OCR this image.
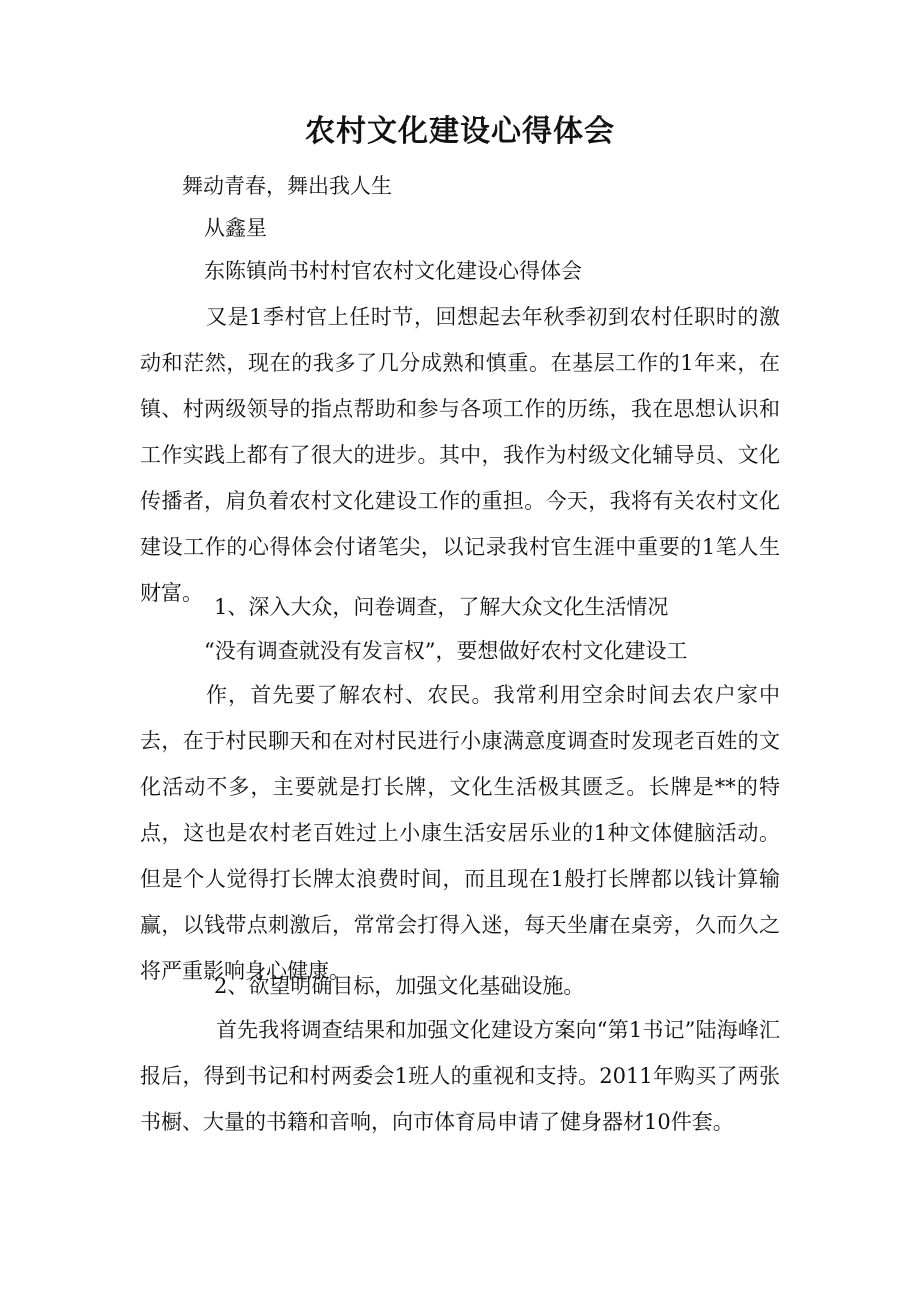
农村文化建设心得体会
舞动青春，舞出我人生
从鑫星
东陈镇尚书村村官农村文化建设心得体会
又是1季村官上任时节，回想起去年秋季初到农村任职时的激动和茫然，现在的我多了几分成熟和慎重。在基层工作的1年来，在镇、村两级领导的指点帮助和参与各项工作的历练，我在思想认识和工作实践上都有了很大的进步。其中，我作为村级文化辅导员、文化传播者，肩负着农村文化建设工作的重担。今天，我将有关农村文化建设工作的心得体会付诸笔尖，以记录我村官生涯中重要的1笔人生财富。
1、深入大众，问卷调查，了解大众文化生活情况
“没有调查就没有发言权”，要想做好农村文化建设工
作，首先要了解农村、农民。我常利用空余时间去农户家中去，在于村民聊天和在对村民进行小康满意度调查时发现老百姓的文化活动不多，主要就是打长牌，文化生活极其匮乏。长牌是**的特点，这也是农村老百姓过上小康生活安居乐业的1种文体健脑活动。但是个人觉得打长牌太浪费时间，而且现在1般打长牌都以钱计算输赢，以钱带点刺激后，常常会打得入迷，每天坐庸在桌旁，久而久之将严重影响身心健康。
2、欲望明确目标，加强文化基础设施。
首先我将调查结果和加强文化建设方案向“第1书记”陆海峰汇报后，得到书记和村两委会1班人的重视和支持。2011年购买了两张书橱、大量的书籍和音响，向市体育局申请了健身器材10件套。
